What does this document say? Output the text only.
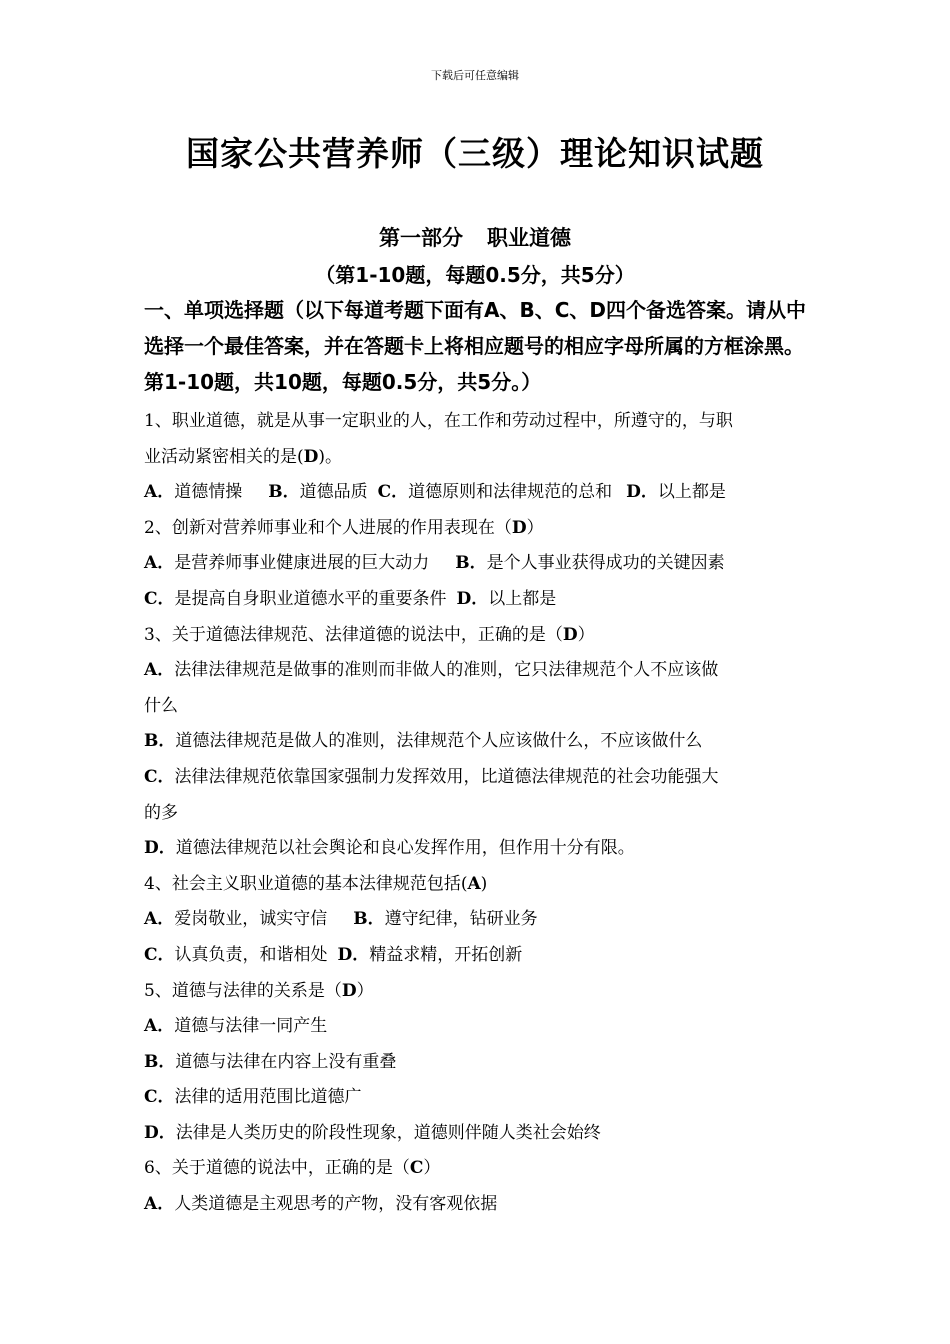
下载后可任意编辑
国家公共营养师（三级）理论知识试题
第一部分 职业道德
（第1-10题，每题0.5分，共5分）
一、单项选择题（以下每道考题下面有A、B、C、D四个备选答案。请从中选择一个最佳答案，并在答题卡上将相应题号的相应字母所属的方框涂黑。第1-10题，共10题，每题0.5分，共5分。）
1、职业道德，就是从事一定职业的人，在工作和劳动过程中，所遵守的，与职
业活动紧密相关的是(D)。
A．道德情操 B．道德品质 C．道德原则和法律规范的总和 D．以上都是
2、创新对营养师事业和个人进展的作用表现在（D）
A．是营养师事业健康进展的巨大动力 B．是个人事业获得成功的关键因素
C．是提高自身职业道德水平的重要条件 D．以上都是
3、关于道德法律规范、法律道德的说法中，正确的是（D）
A．法律法律规范是做事的准则而非做人的准则，它只法律规范个人不应该做
什么
B．道德法律规范是做人的准则，法律规范个人应该做什么，不应该做什么
C．法律法律规范依靠国家强制力发挥效用，比道德法律规范的社会功能强大
的多
D．道德法律规范以社会舆论和良心发挥作用，但作用十分有限。
4、社会主义职业道德的基本法律规范包括(A)
A．爱岗敬业，诚实守信 B．遵守纪律，钻研业务
C．认真负责，和谐相处 D．精益求精，开拓创新
5、道德与法律的关系是（D）
A．道德与法律一同产生
B．道德与法律在内容上没有重叠
C．法律的适用范围比道德广
D．法律是人类历史的阶段性现象，道德则伴随人类社会始终
6、关于道德的说法中，正确的是（C）
A．人类道德是主观思考的产物，没有客观依据
